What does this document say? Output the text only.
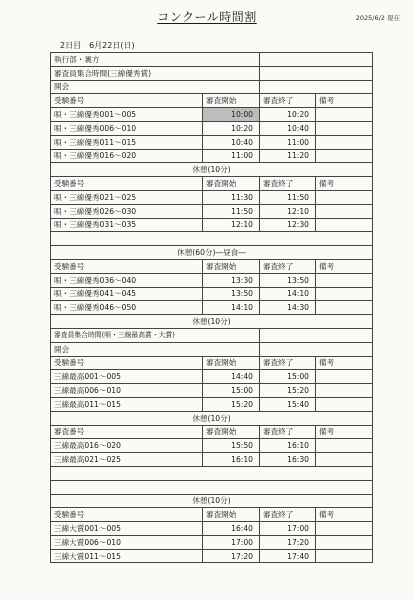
コンクール時間割	2025/6/2 現在
2日目　6月22日(日)
執行部・裏方			
審査員集合時間(三線優秀賞)			
開会			
受験番号	審査開始	審査終了	備考
唄・三線優秀001～005	10:00	10:20	
唄・三線優秀006～010	10:20	10:40	
唄・三線優秀011～015	10:40	11:00	
唄・三線優秀016～020	11:00	11:20	
休憩(10分)			
受験番号	審査開始	審査終了	備考
唄・三線優秀021～025	11:30	11:50	
唄・三線優秀026～030	11:50	12:10	
唄・三線優秀031～035	12:10	12:30	

休憩(60分)―昼食―			
受験番号	審査開始	審査終了	備考
唄・三線優秀036～040	13:30	13:50	
唄・三線優秀041～045	13:50	14:10	
唄・三線優秀046～050	14:10	14:30	
休憩(10分)			
審査員集合時間(唄・三線最高賞・大賞)			
開会			
受験番号	審査開始	審査終了	備考
三線最高001～005	14:40	15:00	
三線最高006～010	15:00	15:20	
三線最高011～015	15:20	15:40	
休憩(10分)			
審査番号	審査開始	審査終了	備考
三線最高016～020	15:50	16:10	
三線最高021～025	16:10	16:30	

休憩(10分)			
受験番号	審査開始	審査終了	備考
三線大賞001～005	16:40	17:00	
三線大賞006～010	17:00	17:20	
三線大賞011～015	17:20	17:40	
